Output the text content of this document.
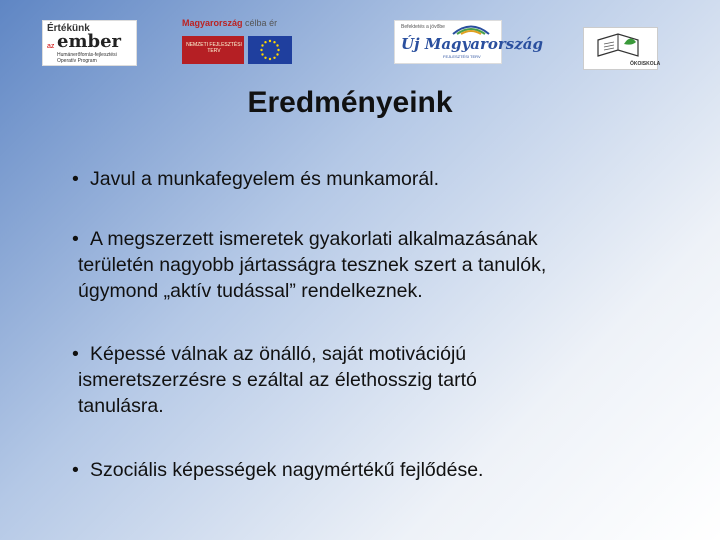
Értékünk
az ember
Humánerőforrás-fejlesztési Operatív Program
Magyarország célba ér
NEMZETI FEJLESZTÉSI TERV
Befektetés a jövőbe
Új Magyarország
FEJLESZTÉSI TERV
ÖKOISKOLA
Eredményeink

• Javul a munkafegyelem és munkamorál.

• A megszerzett ismeretek gyakorlati alkalmazásának
területén nagyobb jártasságra tesznek szert a tanulók,
úgymond „aktív tudással” rendelkeznek.

• Képessé válnak az önálló, saját motivációjú
ismeretszerzésre s ezáltal az élethosszig tartó
tanulásra.

• Szociális képességek nagymértékű fejlődése.
